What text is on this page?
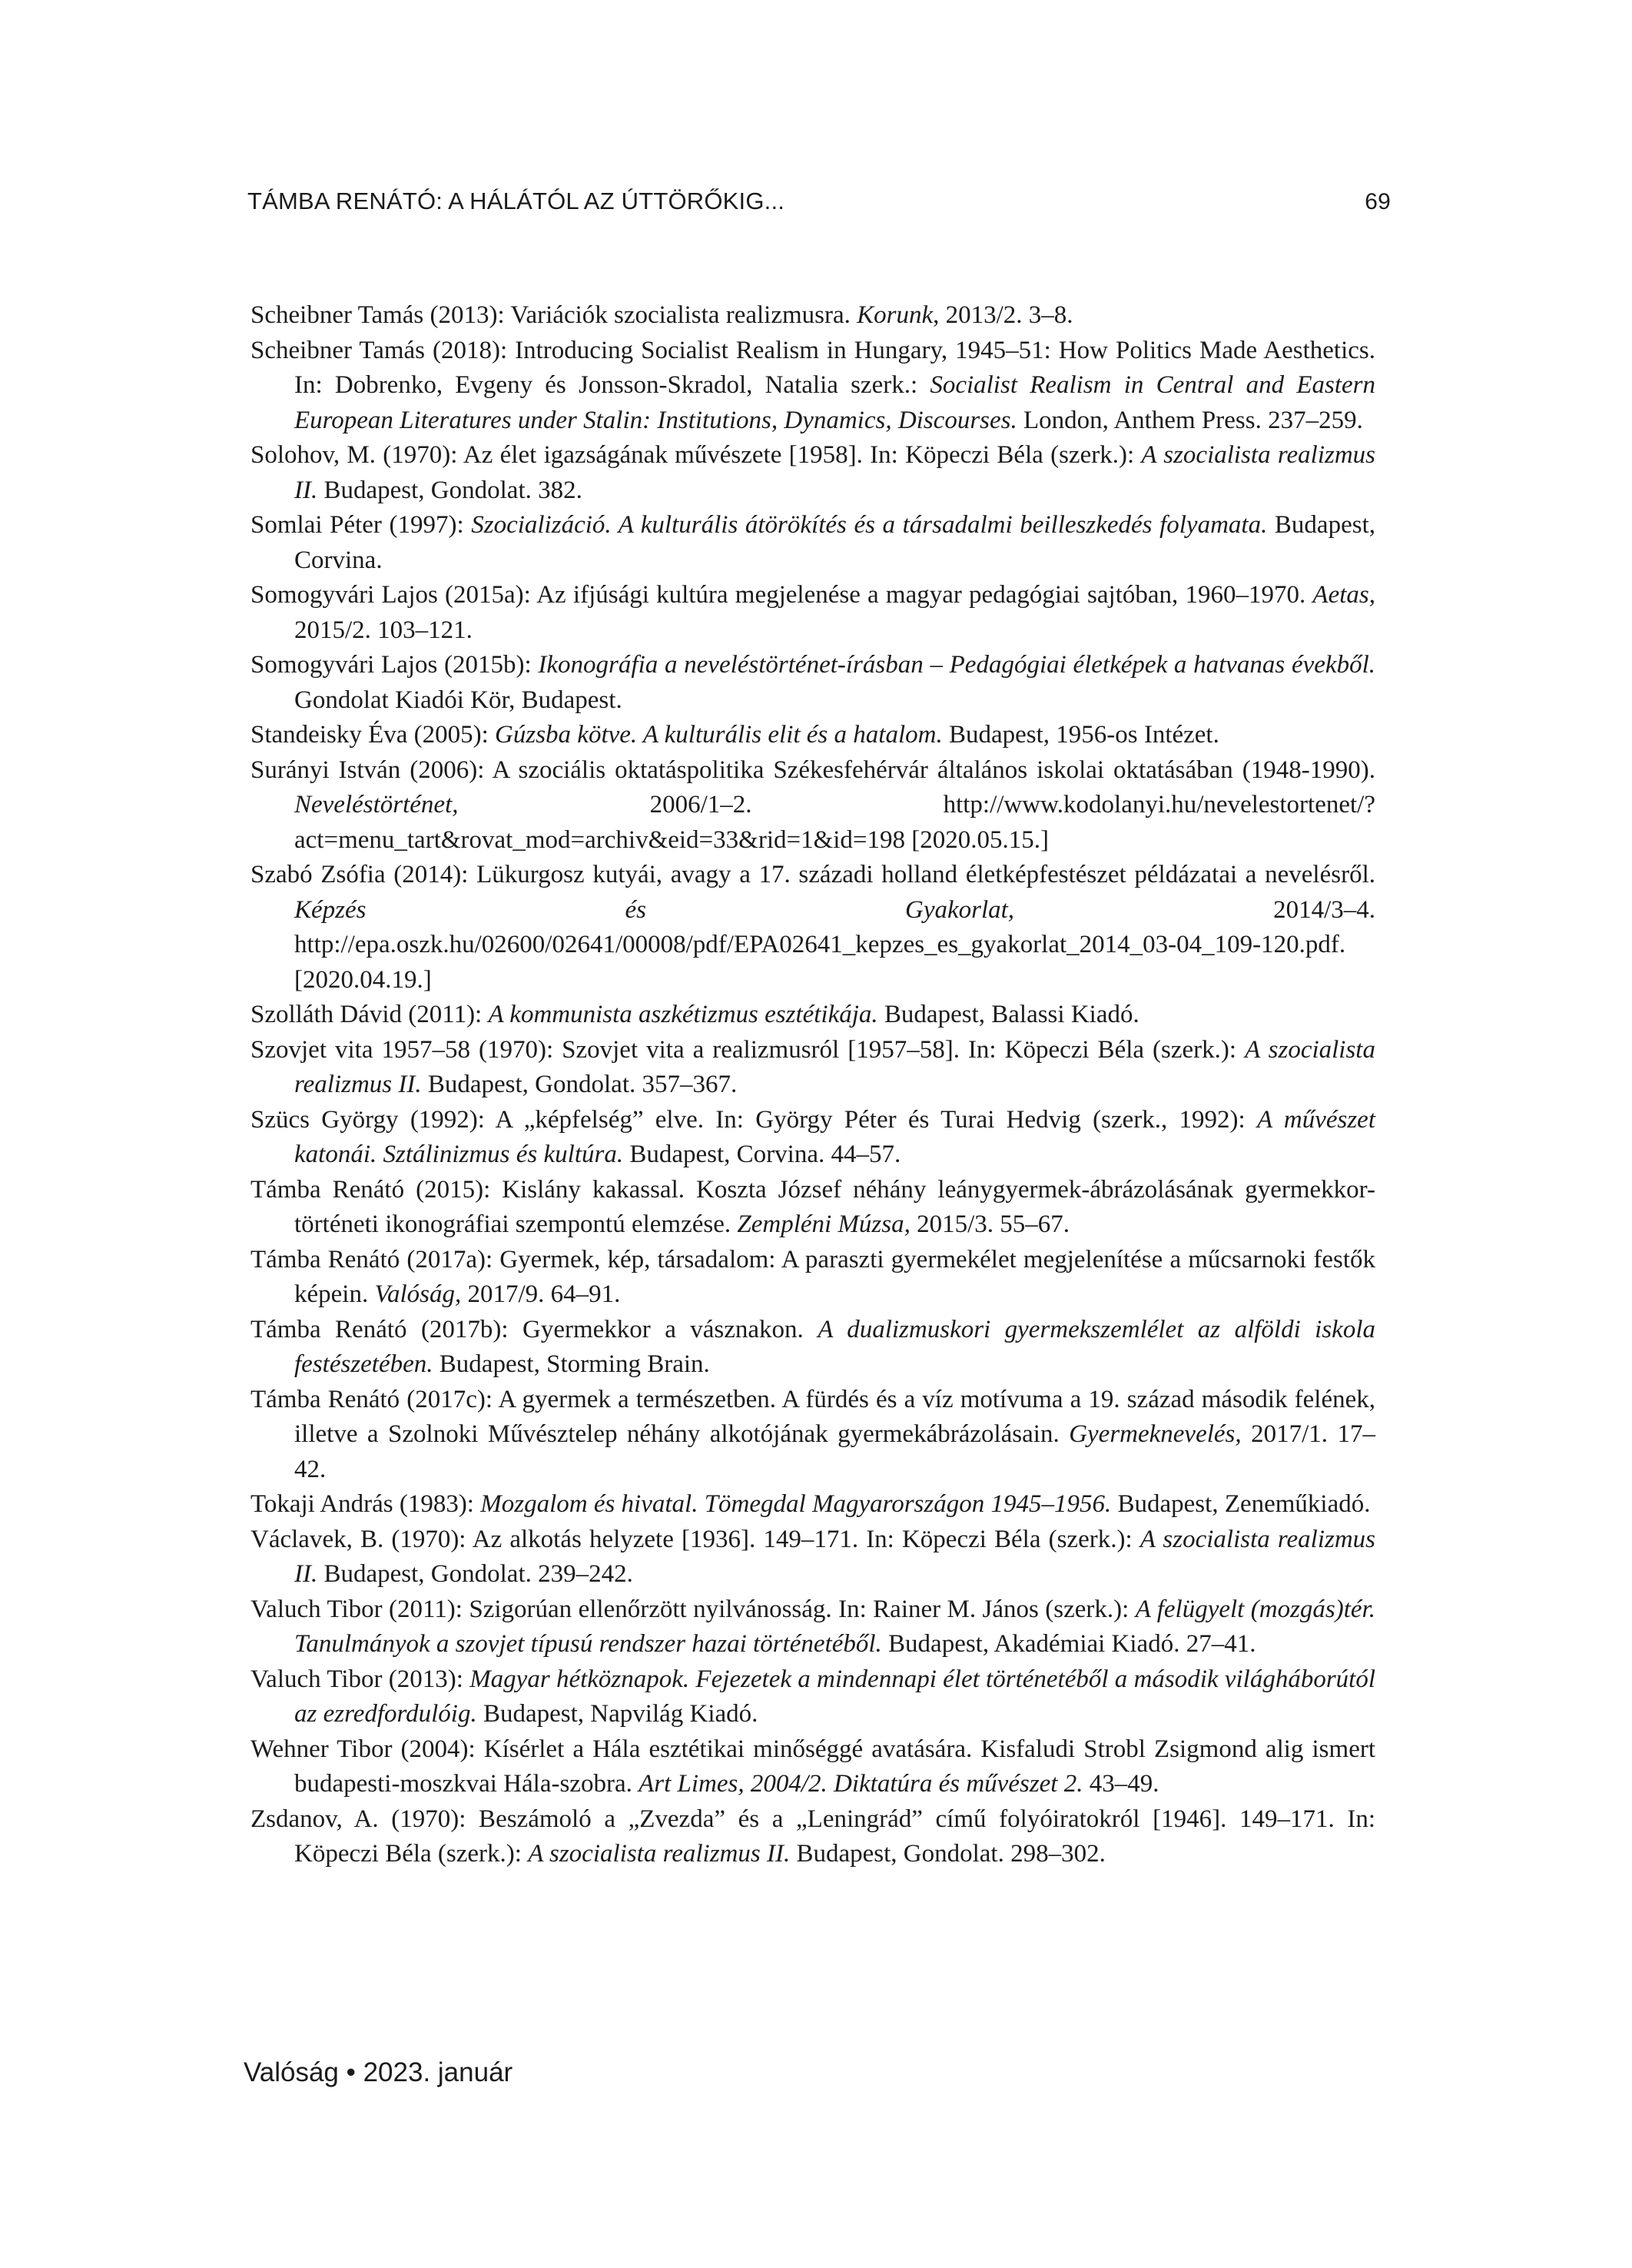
TÁMBA RENÁTÓ: A HÁLÁTÓL AZ ÚTTÖRŐKIG...	69

Scheibner Tamás (2013): Variációk szocialista realizmusra. Korunk, 2013/2. 3–8.

Scheibner Tamás (2018): Introducing Socialist Realism in Hungary, 1945–51: How Politics Made Aesthetics. In: Dobrenko, Evgeny és Jonsson-Skradol, Natalia szerk.: Socialist Realism in Central and Eastern European Literatures under Stalin: Institutions, Dynamics, Discourses. London, Anthem Press. 237–259.

Solohov, M. (1970): Az élet igazságának művészete [1958]. In: Köpeczi Béla (szerk.): A szocialista realizmus II. Budapest, Gondolat. 382.

Somlai Péter (1997): Szocializáció. A kulturális átörökítés és a társadalmi beilleszkedés folyamata. Budapest, Corvina.

Somogyvári Lajos (2015a): Az ifjúsági kultúra megjelenése a magyar pedagógiai sajtóban, 1960–1970. Aetas, 2015/2. 103–121.

Somogyvári Lajos (2015b): Ikonográfia a neveléstörténet-írásban – Pedagógiai életképek a hatvanas évekből. Gondolat Kiadói Kör, Budapest.

Standeisky Éva (2005): Gúzsba kötve. A kulturális elit és a hatalom. Budapest, 1956-os Intézet.

Surányi István (2006): A szociális oktatáspolitika Székesfehérvár általános iskolai oktatásában (1948-1990). Neveléstörténet, 2006/1–2. http://www.kodolanyi.hu/nevelestortenet/?act=menu_tart&rovat_mod=archiv&eid=33&rid=1&id=198 [2020.05.15.]

Szabó Zsófia (2014): Lükurgosz kutyái, avagy a 17. századi holland életképfestészet példázatai a nevelésről. Képzés és Gyakorlat, 2014/3–4. http://epa.oszk.hu/02600/02641/00008/pdf/EPA02641_kepzes_es_gyakorlat_2014_03-04_109-120.pdf. [2020.04.19.]

Szolláth Dávid (2011): A kommunista aszkétizmus esztétikája. Budapest, Balassi Kiadó.

Szovjet vita 1957–58 (1970): Szovjet vita a realizmusról [1957–58]. In: Köpeczi Béla (szerk.): A szocialista realizmus II. Budapest, Gondolat. 357–367.

Szücs György (1992): A „képfelség” elve. In: György Péter és Turai Hedvig (szerk., 1992): A művészet katonái. Sztálinizmus és kultúra. Budapest, Corvina. 44–57.

Támba Renátó (2015): Kislány kakassal. Koszta József néhány leánygyermek-ábrázolásának gyermekkor-történeti ikonográfiai szempontú elemzése. Zempléni Múzsa, 2015/3. 55–67.

Támba Renátó (2017a): Gyermek, kép, társadalom: A paraszti gyermekélet megjelenítése a műcsarnoki festők képein. Valóság, 2017/9. 64–91.

Támba Renátó (2017b): Gyermekkor a vásznakon. A dualizmuskori gyermekszemlélet az alföldi iskola festészetében. Budapest, Storming Brain.

Támba Renátó (2017c): A gyermek a természetben. A fürdés és a víz motívuma a 19. század második felének, illetve a Szolnoki Művésztelep néhány alkotójának gyermekábrázolásain. Gyermeknevelés, 2017/1. 17–42.

Tokaji András (1983): Mozgalom és hivatal. Tömegdal Magyarországon 1945–1956. Budapest, Zeneműkiadó.

Václavek, B. (1970): Az alkotás helyzete [1936]. 149–171. In: Köpeczi Béla (szerk.): A szocialista realizmus II. Budapest, Gondolat. 239–242.

Valuch Tibor (2011): Szigorúan ellenőrzött nyilvánosság. In: Rainer M. János (szerk.): A felügyelt (mozgás)tér. Tanulmányok a szovjet típusú rendszer hazai történetéből. Budapest, Akadémiai Kiadó. 27–41.

Valuch Tibor (2013): Magyar hétköznapok. Fejezetek a mindennapi élet történetéből a második világháborútól az ezredfordulóig. Budapest, Napvilág Kiadó.

Wehner Tibor (2004): Kísérlet a Hála esztétikai minőséggé avatására. Kisfaludi Strobl Zsigmond alig ismert budapesti-moszkvai Hála-szobra. Art Limes, 2004/2. Diktatúra és művészet 2. 43–49.

Zsdanov, A. (1970): Beszámoló a „Zvezda” és a „Leningrád” című folyóiratokról [1946]. 149–171. In: Köpeczi Béla (szerk.): A szocialista realizmus II. Budapest, Gondolat. 298–302.

Valóság • 2023. január
